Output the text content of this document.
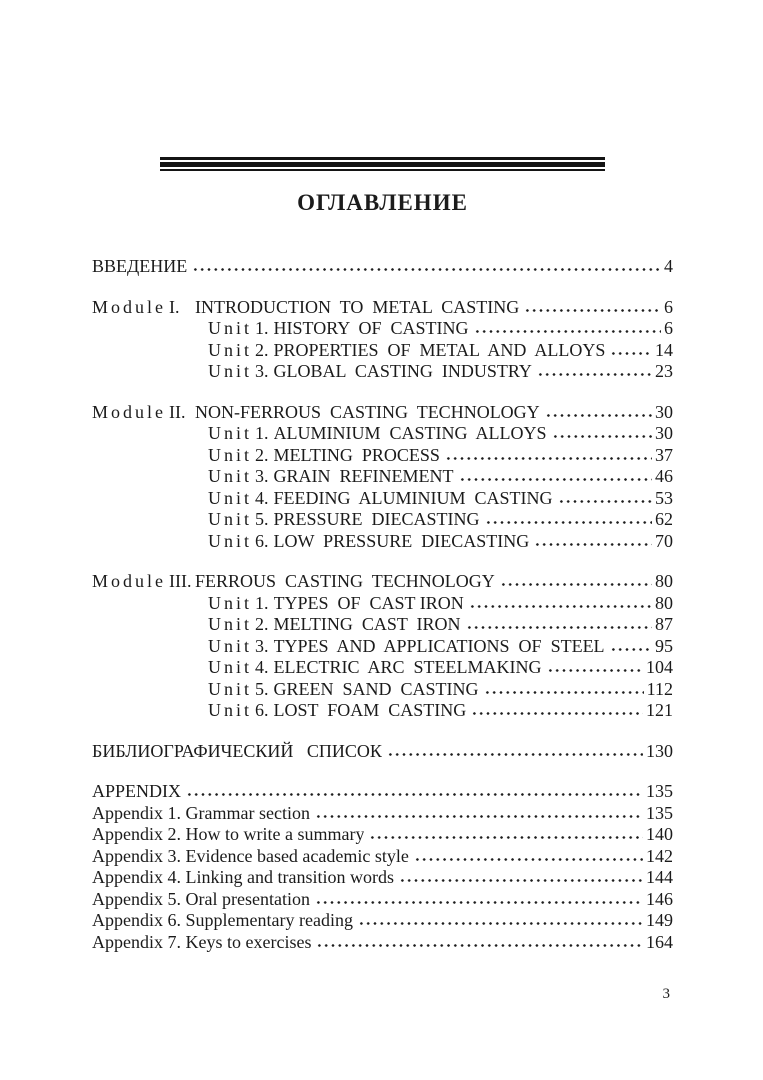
ОГЛАВЛЕНИЕ
ВВЕДЕНИЕ	4
M o d u l e  I. INTRODUCTION  TO  METAL  CASTING	6
U n i t  1. HISTORY  OF  CASTING	6
U n i t  2. PROPERTIES  OF  METAL  AND  ALLOYS	14
U n i t  3. GLOBAL  CASTING  INDUSTRY	23
M o d u l e  II. NON-FERROUS  CASTING  TECHNOLOGY	30
U n i t  1. ALUMINIUM  CASTING  ALLOYS	30
U n i t  2. MELTING  PROCESS	37
U n i t  3. GRAIN  REFINEMENT	46
U n i t  4. FEEDING  ALUMINIUM  CASTING	53
U n i t  5. PRESSURE  DIECASTING	62
U n i t  6. LOW  PRESSURE  DIECASTING	70
M o d u l e  III. FERROUS  CASTING  TECHNOLOGY	80
U n i t  1. TYPES  OF  CAST IRON	80
U n i t  2. MELTING  CAST  IRON	87
U n i t  3. TYPES  AND  APPLICATIONS  OF  STEEL	95
U n i t  4. ELECTRIC  ARC  STEELMAKING	104
U n i t  5. GREEN  SAND  CASTING	112
U n i t  6. LOST  FOAM  CASTING	121
БИБЛИОГРАФИЧЕСКИЙ   СПИСОК	130
APPENDIX	135
Appendix 1. Grammar section	135
Appendix 2. How to write a summary	140
Appendix 3. Evidence based academic style	142
Appendix 4. Linking and transition words	144
Appendix 5. Oral presentation	146
Appendix 6. Supplementary reading	149
Appendix 7. Keys to exercises	164
3
